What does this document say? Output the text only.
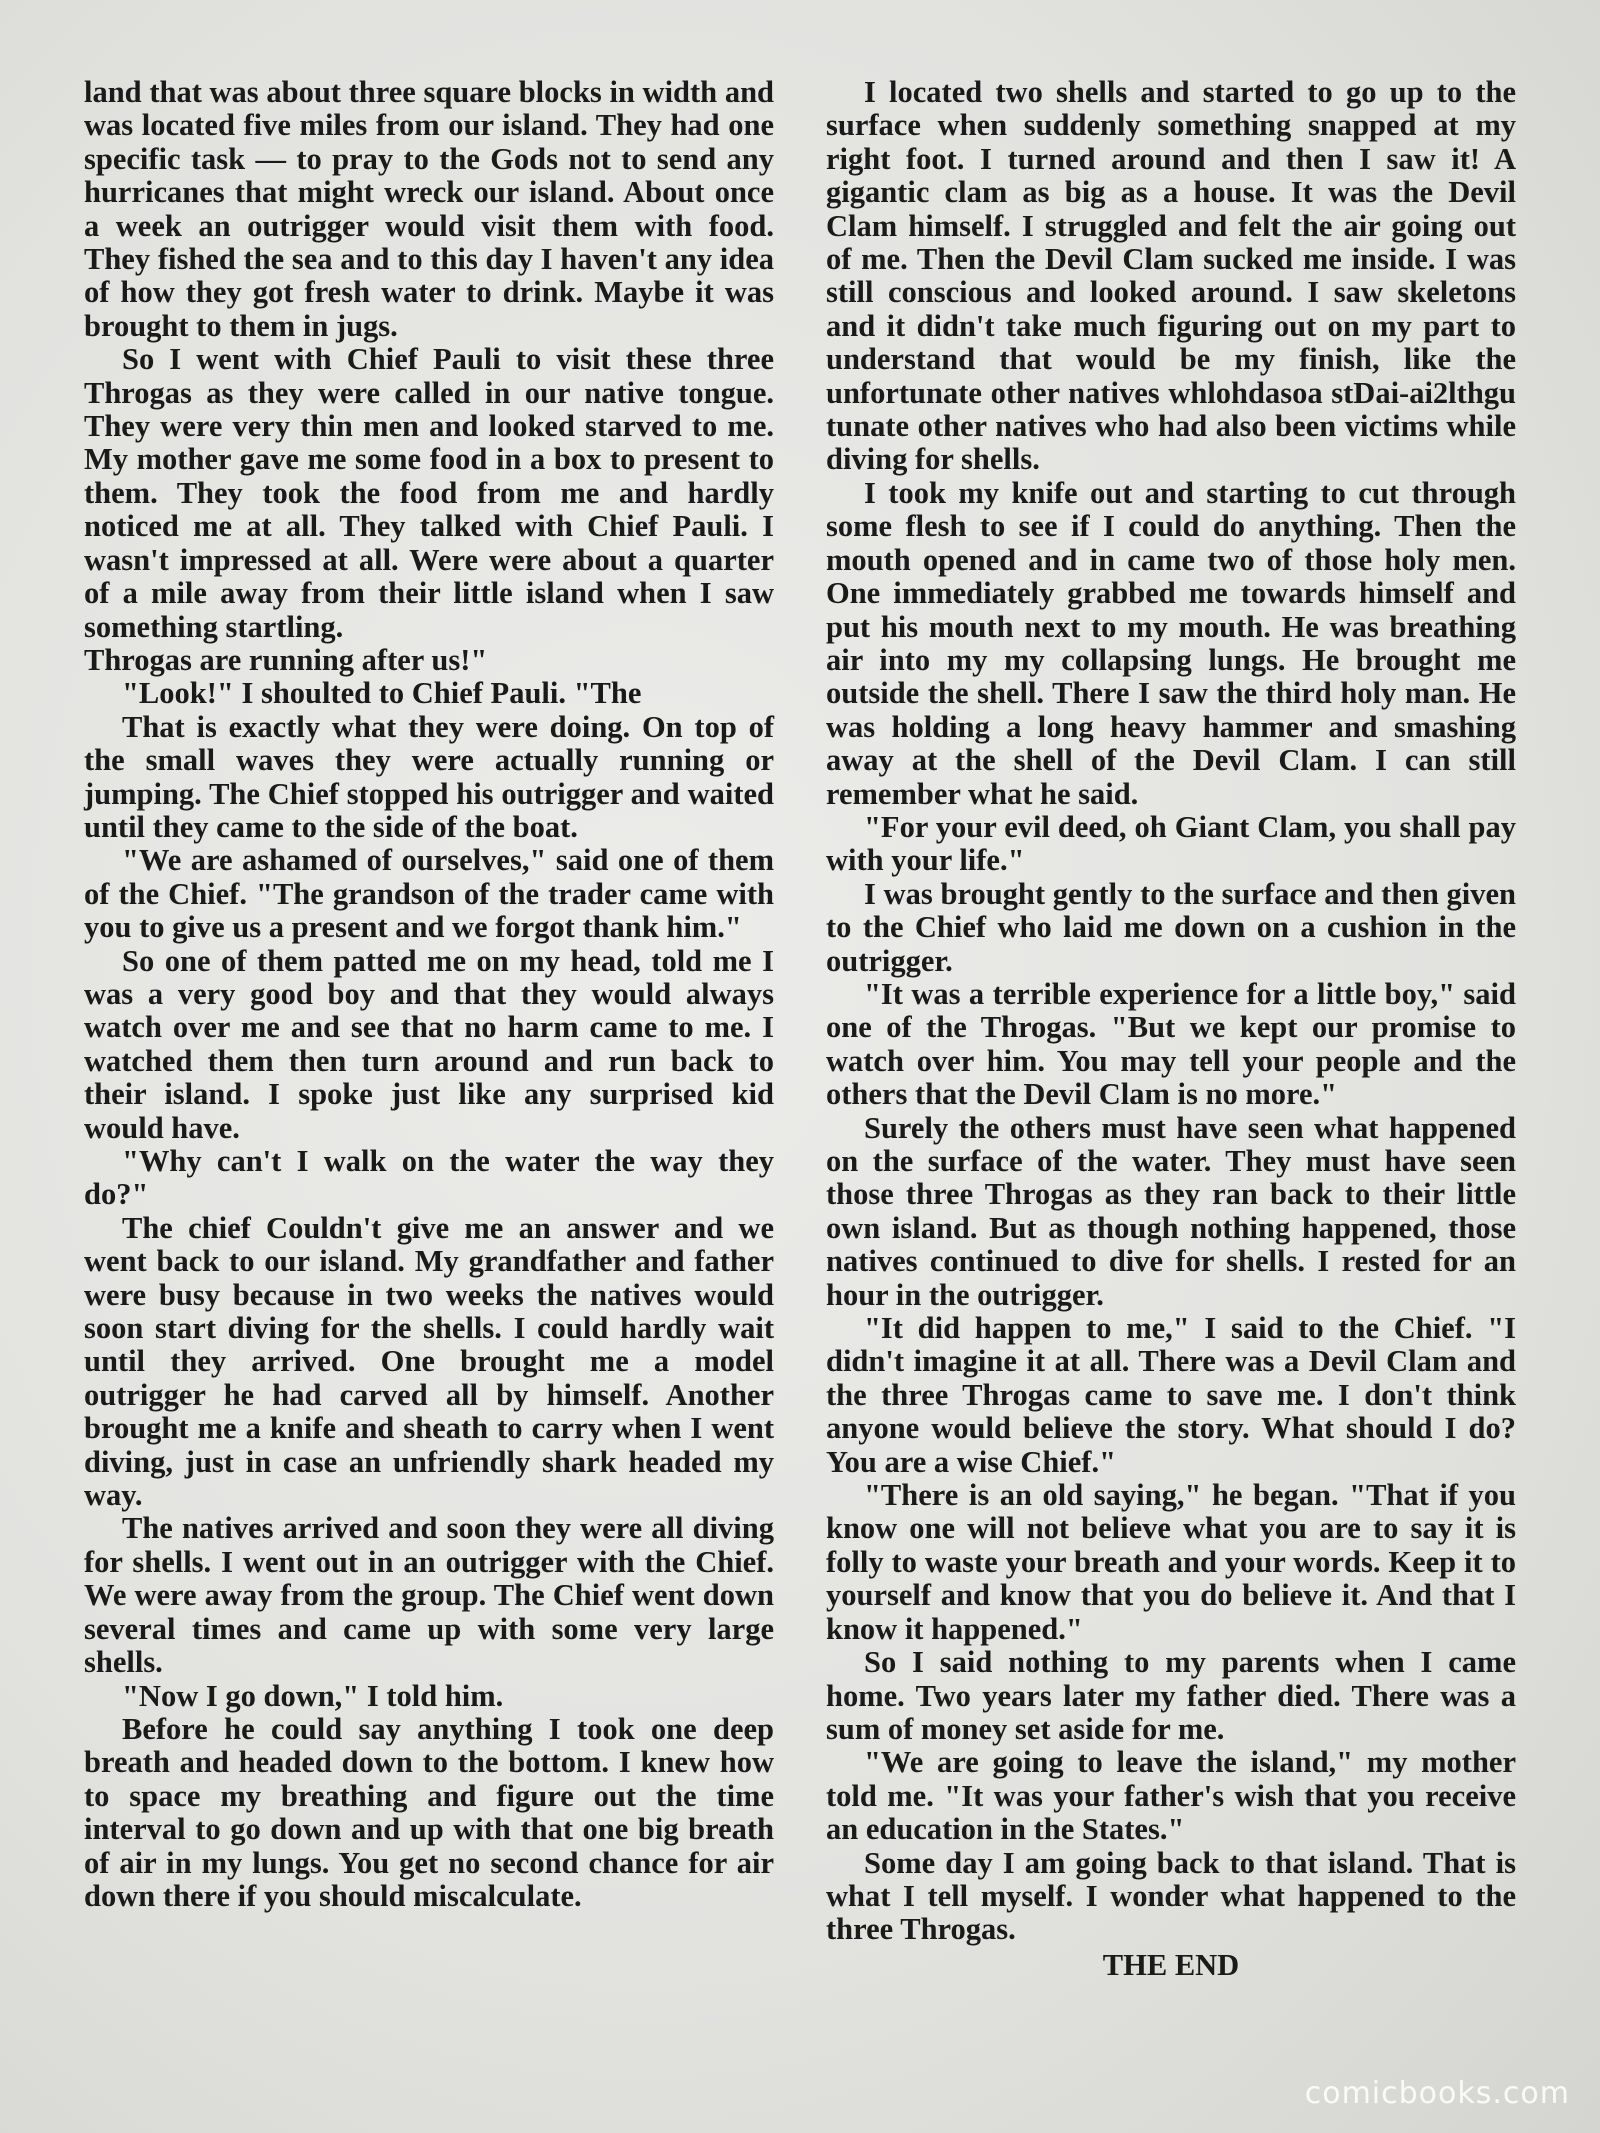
land that was about three square blocks in width and was located five miles from our island. They had one specific task — to pray to the Gods not to send any hurricanes that might wreck our island. About once a week an outrigger would visit them with food. They fished the sea and to this day I haven't any idea of how they got fresh water to drink. Maybe it was brought to them in jugs.

So I went with Chief Pauli to visit these three Throgas as they were called in our native tongue. They were very thin men and looked starved to me. My mother gave me some food in a box to present to them. They took the food from me and hardly noticed me at all. They talked with Chief Pauli. I wasn't impressed at all. Were were about a quarter of a mile away from their little island when I saw something startling.

Throgas are running after us!"

"Look!" I shoulted to Chief Pauli. "The

That is exactly what they were doing. On top of the small waves they were actually running or jumping. The Chief stopped his outrigger and waited until they came to the side of the boat.

"We are ashamed of ourselves," said one of them of the Chief. "The grandson of the trader came with you to give us a present and we forgot thank him."

So one of them patted me on my head, told me I was a very good boy and that they would always watch over me and see that no harm came to me. I watched them then turn around and run back to their island. I spoke just like any surprised kid would have.

"Why can't I walk on the water the way they do?"

The chief Couldn't give me an answer and we went back to our island. My grandfather and father were busy because in two weeks the natives would soon start diving for the shells. I could hardly wait until they arrived. One brought me a model outrigger he had carved all by himself. Another brought me a knife and sheath to carry when I went diving, just in case an unfriendly shark headed my way.

The natives arrived and soon they were all diving for shells. I went out in an outrigger with the Chief. We were away from the group. The Chief went down several times and came up with some very large shells.

"Now I go down," I told him.

Before he could say anything I took one deep breath and headed down to the bottom. I knew how to space my breathing and figure out the time interval to go down and up with that one big breath of air in my lungs. You get no second chance for air down there if you should miscalculate.

I located two shells and started to go up to the surface when suddenly something snapped at my right foot. I turned around and then I saw it! A gigantic clam as big as a house. It was the Devil Clam himself. I struggled and felt the air going out of me. Then the Devil Clam sucked me inside. I was still conscious and looked around. I saw skeletons and it didn't take much figuring out on my part to understand that would be my finish, like the unfortunate other natives whlohdasoa stDai-ai2lthgu tunate other natives who had also been victims while diving for shells.

I took my knife out and starting to cut through some flesh to see if I could do anything. Then the mouth opened and in came two of those holy men. One immediately grabbed me towards himself and put his mouth next to my mouth. He was breathing air into my my collapsing lungs. He brought me outside the shell. There I saw the third holy man. He was holding a long heavy hammer and smashing away at the shell of the Devil Clam. I can still remember what he said.

"For your evil deed, oh Giant Clam, you shall pay with your life."

I was brought gently to the surface and then given to the Chief who laid me down on a cushion in the outrigger.

"It was a terrible experience for a little boy," said one of the Throgas. "But we kept our promise to watch over him. You may tell your people and the others that the Devil Clam is no more."

Surely the others must have seen what happened on the surface of the water. They must have seen those three Throgas as they ran back to their little own island. But as though nothing happened, those natives continued to dive for shells. I rested for an hour in the outrigger.

"It did happen to me," I said to the Chief. "I didn't imagine it at all. There was a Devil Clam and the three Throgas came to save me. I don't think anyone would believe the story. What should I do? You are a wise Chief."

"There is an old saying," he began. "That if you know one will not believe what you are to say it is folly to waste your breath and your words. Keep it to yourself and know that you do believe it. And that I know it happened."

So I said nothing to my parents when I came home. Two years later my father died. There was a sum of money set aside for me.

"We are going to leave the island," my mother told me. "It was your father's wish that you receive an education in the States."

Some day I am going back to that island. That is what I tell myself. I wonder what happened to the three Throgas.

THE END

comicbooks.com
